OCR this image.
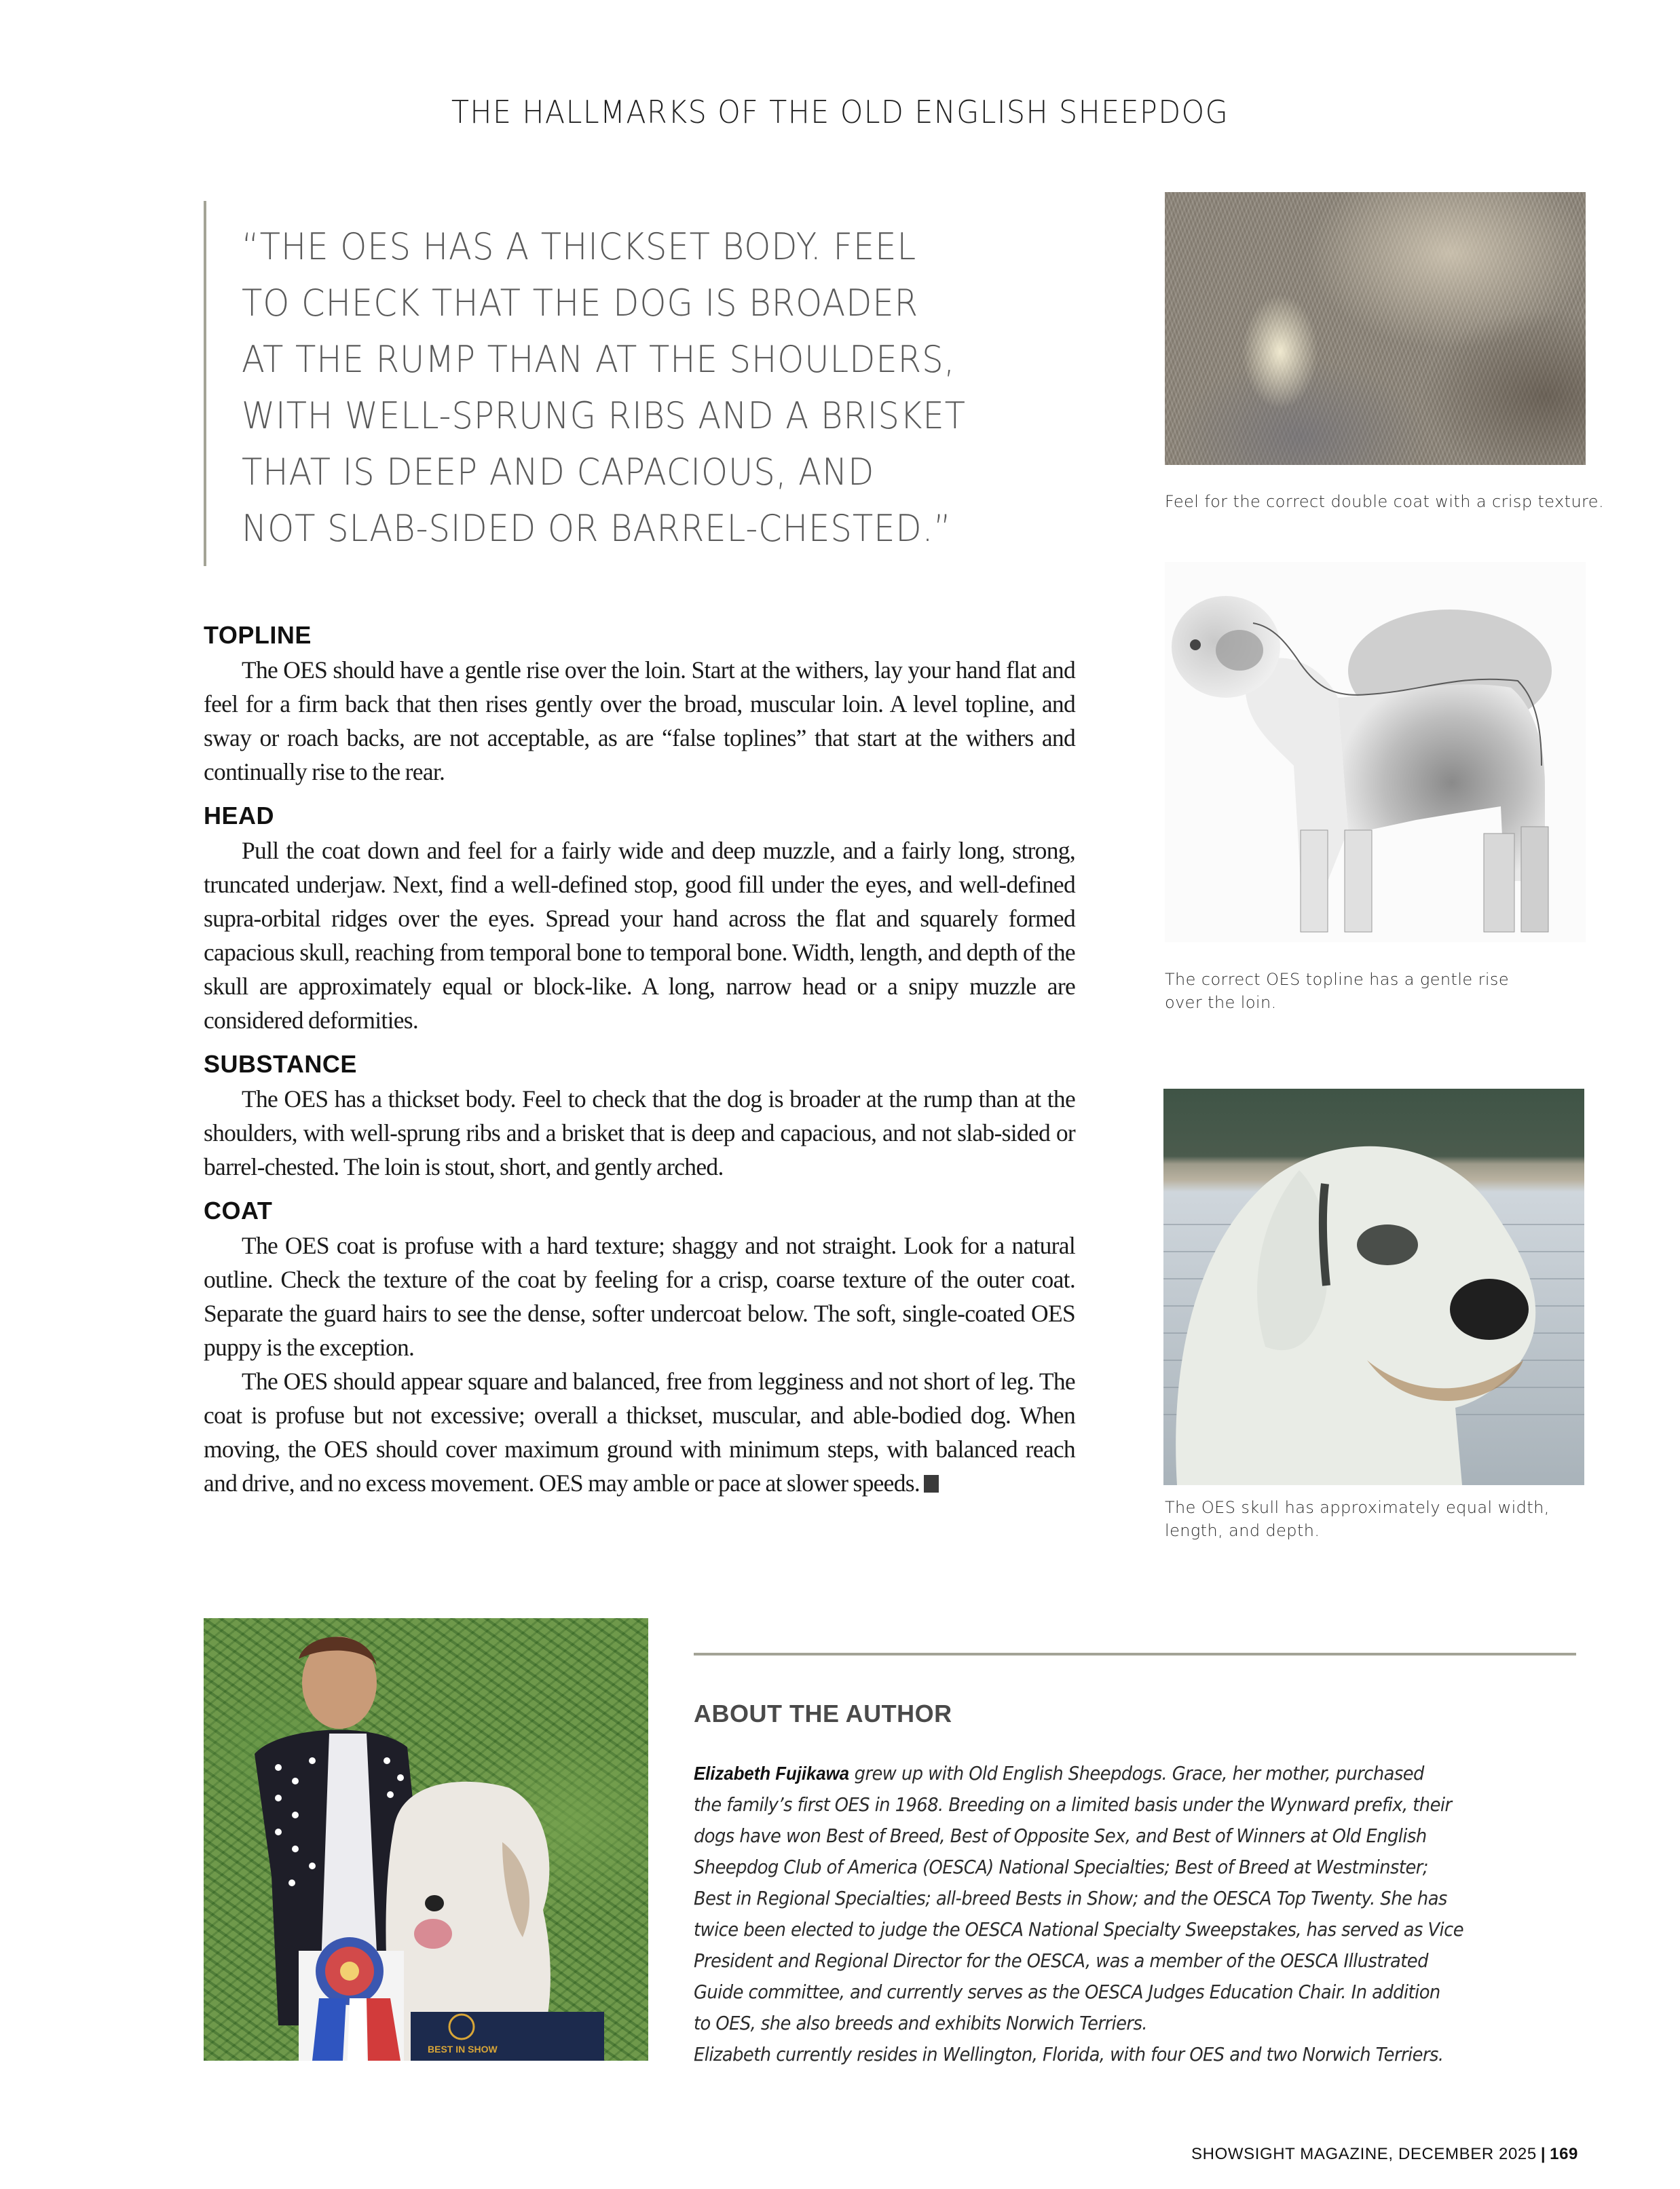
THE HALLMARKS OF THE OLD ENGLISH SHEEPDOG
“THE OES HAS A THICKSET BODY. FEEL
TO CHECK THAT THE DOG IS BROADER
AT THE RUMP THAN AT THE SHOULDERS,
WITH WELL-SPRUNG RIBS AND A BRISKET
THAT IS DEEP AND CAPACIOUS, AND
NOT SLAB-SIDED OR BARREL-CHESTED.”
TOPLINE

The OES should have a gentle rise over the loin. Start at the withers, lay your hand flat and feel for a firm back that then rises gently over the broad, muscular loin. A level topline, and sway or roach backs, are not acceptable, as are “false toplines” that start at the withers and continually rise to the rear.

HEAD

Pull the coat down and feel for a fairly wide and deep muzzle, and a fairly long, strong, truncated underjaw. Next, find a well-defined stop, good fill under the eyes, and well-defined supra-orbital ridges over the eyes. Spread your hand across the flat and squarely formed capacious skull, reaching from temporal bone to temporal bone. Width, length, and depth of the skull are approximately equal or block-like. A long, narrow head or a snipy muzzle are considered deformities.

SUBSTANCE

The OES has a thickset body. Feel to check that the dog is broader at the rump than at the shoulders, with well-sprung ribs and a brisket that is deep and capacious, and not slab-sided or barrel-chested. The loin is stout, short, and gently arched.

COAT

The OES coat is profuse with a hard texture; shaggy and not straight. Look for a natural outline. Check the texture of the coat by feeling for a crisp, coarse texture of the outer coat. Separate the guard hairs to see the dense, softer undercoat below. The soft, single-coated OES puppy is the exception.

The OES should appear square and balanced, free from legginess and not short of leg. The coat is profuse but not excessive; overall a thickset, muscular, and able-bodied dog. When moving, the OES should cover maximum ground with minimum steps, with balanced reach and drive, and no excess movement. OES may amble or pace at slower speeds.

Feel for the correct double coat with a crisp texture.
The correct OES topline has a gentle rise
over the loin.
The OES skull has approximately equal width,
length, and depth.
BEST IN SHOW
ABOUT THE AUTHOR
Elizabeth Fujikawa grew up with Old English Sheepdogs. Grace, her mother, purchased
the family’s first OES in 1968. Breeding on a limited basis under the Wynward prefix, their
dogs have won Best of Breed, Best of Opposite Sex, and Best of Winners at Old English
Sheepdog Club of America (OESCA) National Specialties; Best of Breed at Westminster;
Best in Regional Specialties; all-breed Bests in Show; and the OESCA Top Twenty. She has
twice been elected to judge the OESCA National Specialty Sweepstakes, has served as Vice
President and Regional Director for the OESCA, was a member of the OESCA Illustrated
Guide committee, and currently serves as the OESCA Judges Education Chair. In addition
to OES, she also breeds and exhibits Norwich Terriers.
Elizabeth currently resides in Wellington, Florida, with four OES and two Norwich Terriers.
SHOWSIGHT MAGAZINE, DECEMBER 2025 | 169
